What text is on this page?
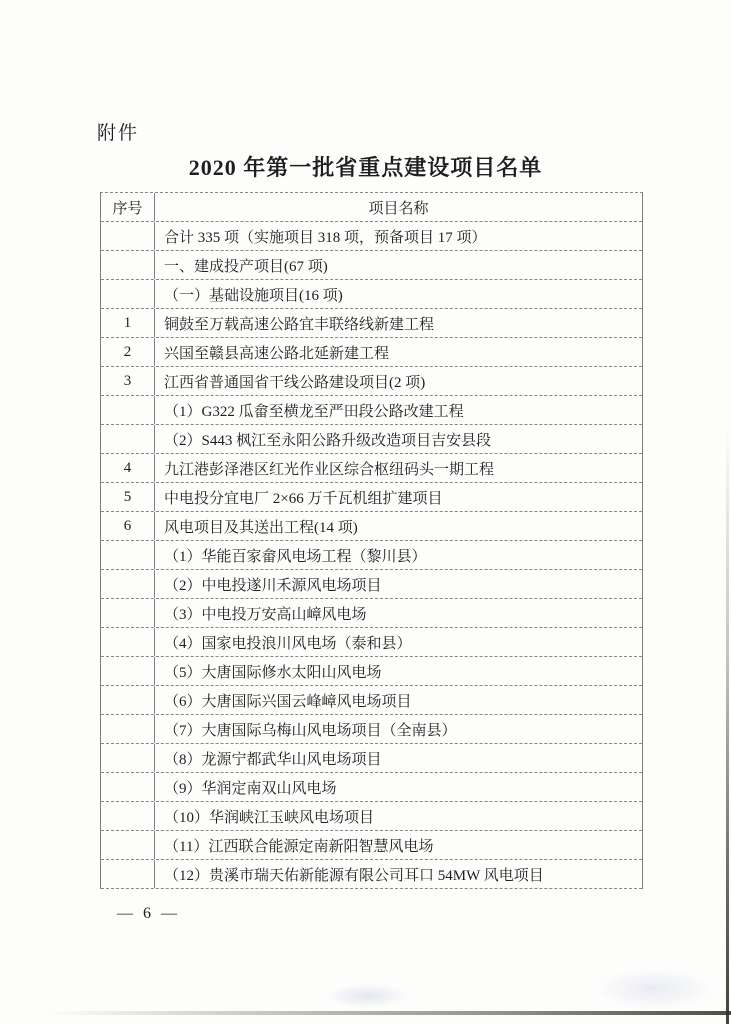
附件
2020 年第一批省重点建设项目名单
序号	项目名称
合计 335 项（实施项目 318 项，预备项目 17 项）
一、建成投产项目(67 项)
（一）基础设施项目(16 项)
1	铜鼓至万载高速公路宜丰联络线新建工程
2	兴国至赣县高速公路北延新建工程
3	江西省普通国省干线公路建设项目(2 项)
（1）G322 瓜畲至横龙至严田段公路改建工程
（2）S443 枫江至永阳公路升级改造项目吉安县段
4	九江港彭泽港区红光作业区综合枢纽码头一期工程
5	中电投分宜电厂 2×66 万千瓦机组扩建项目
6	风电项目及其送出工程(14 项)
（1）华能百家畲风电场工程（黎川县）
（2）中电投遂川禾源风电场项目
（3）中电投万安高山嶂风电场
（4）国家电投浪川风电场（泰和县）
（5）大唐国际修水太阳山风电场
（6）大唐国际兴国云峰嶂风电场项目
（7）大唐国际乌梅山风电场项目（全南县）
（8）龙源宁都武华山风电场项目
（9）华润定南双山风电场
（10）华润峡江玉峡风电场项目
（11）江西联合能源定南新阳智慧风电场
（12）贵溪市瑞天佑新能源有限公司耳口 54MW 风电项目
— 6 —
